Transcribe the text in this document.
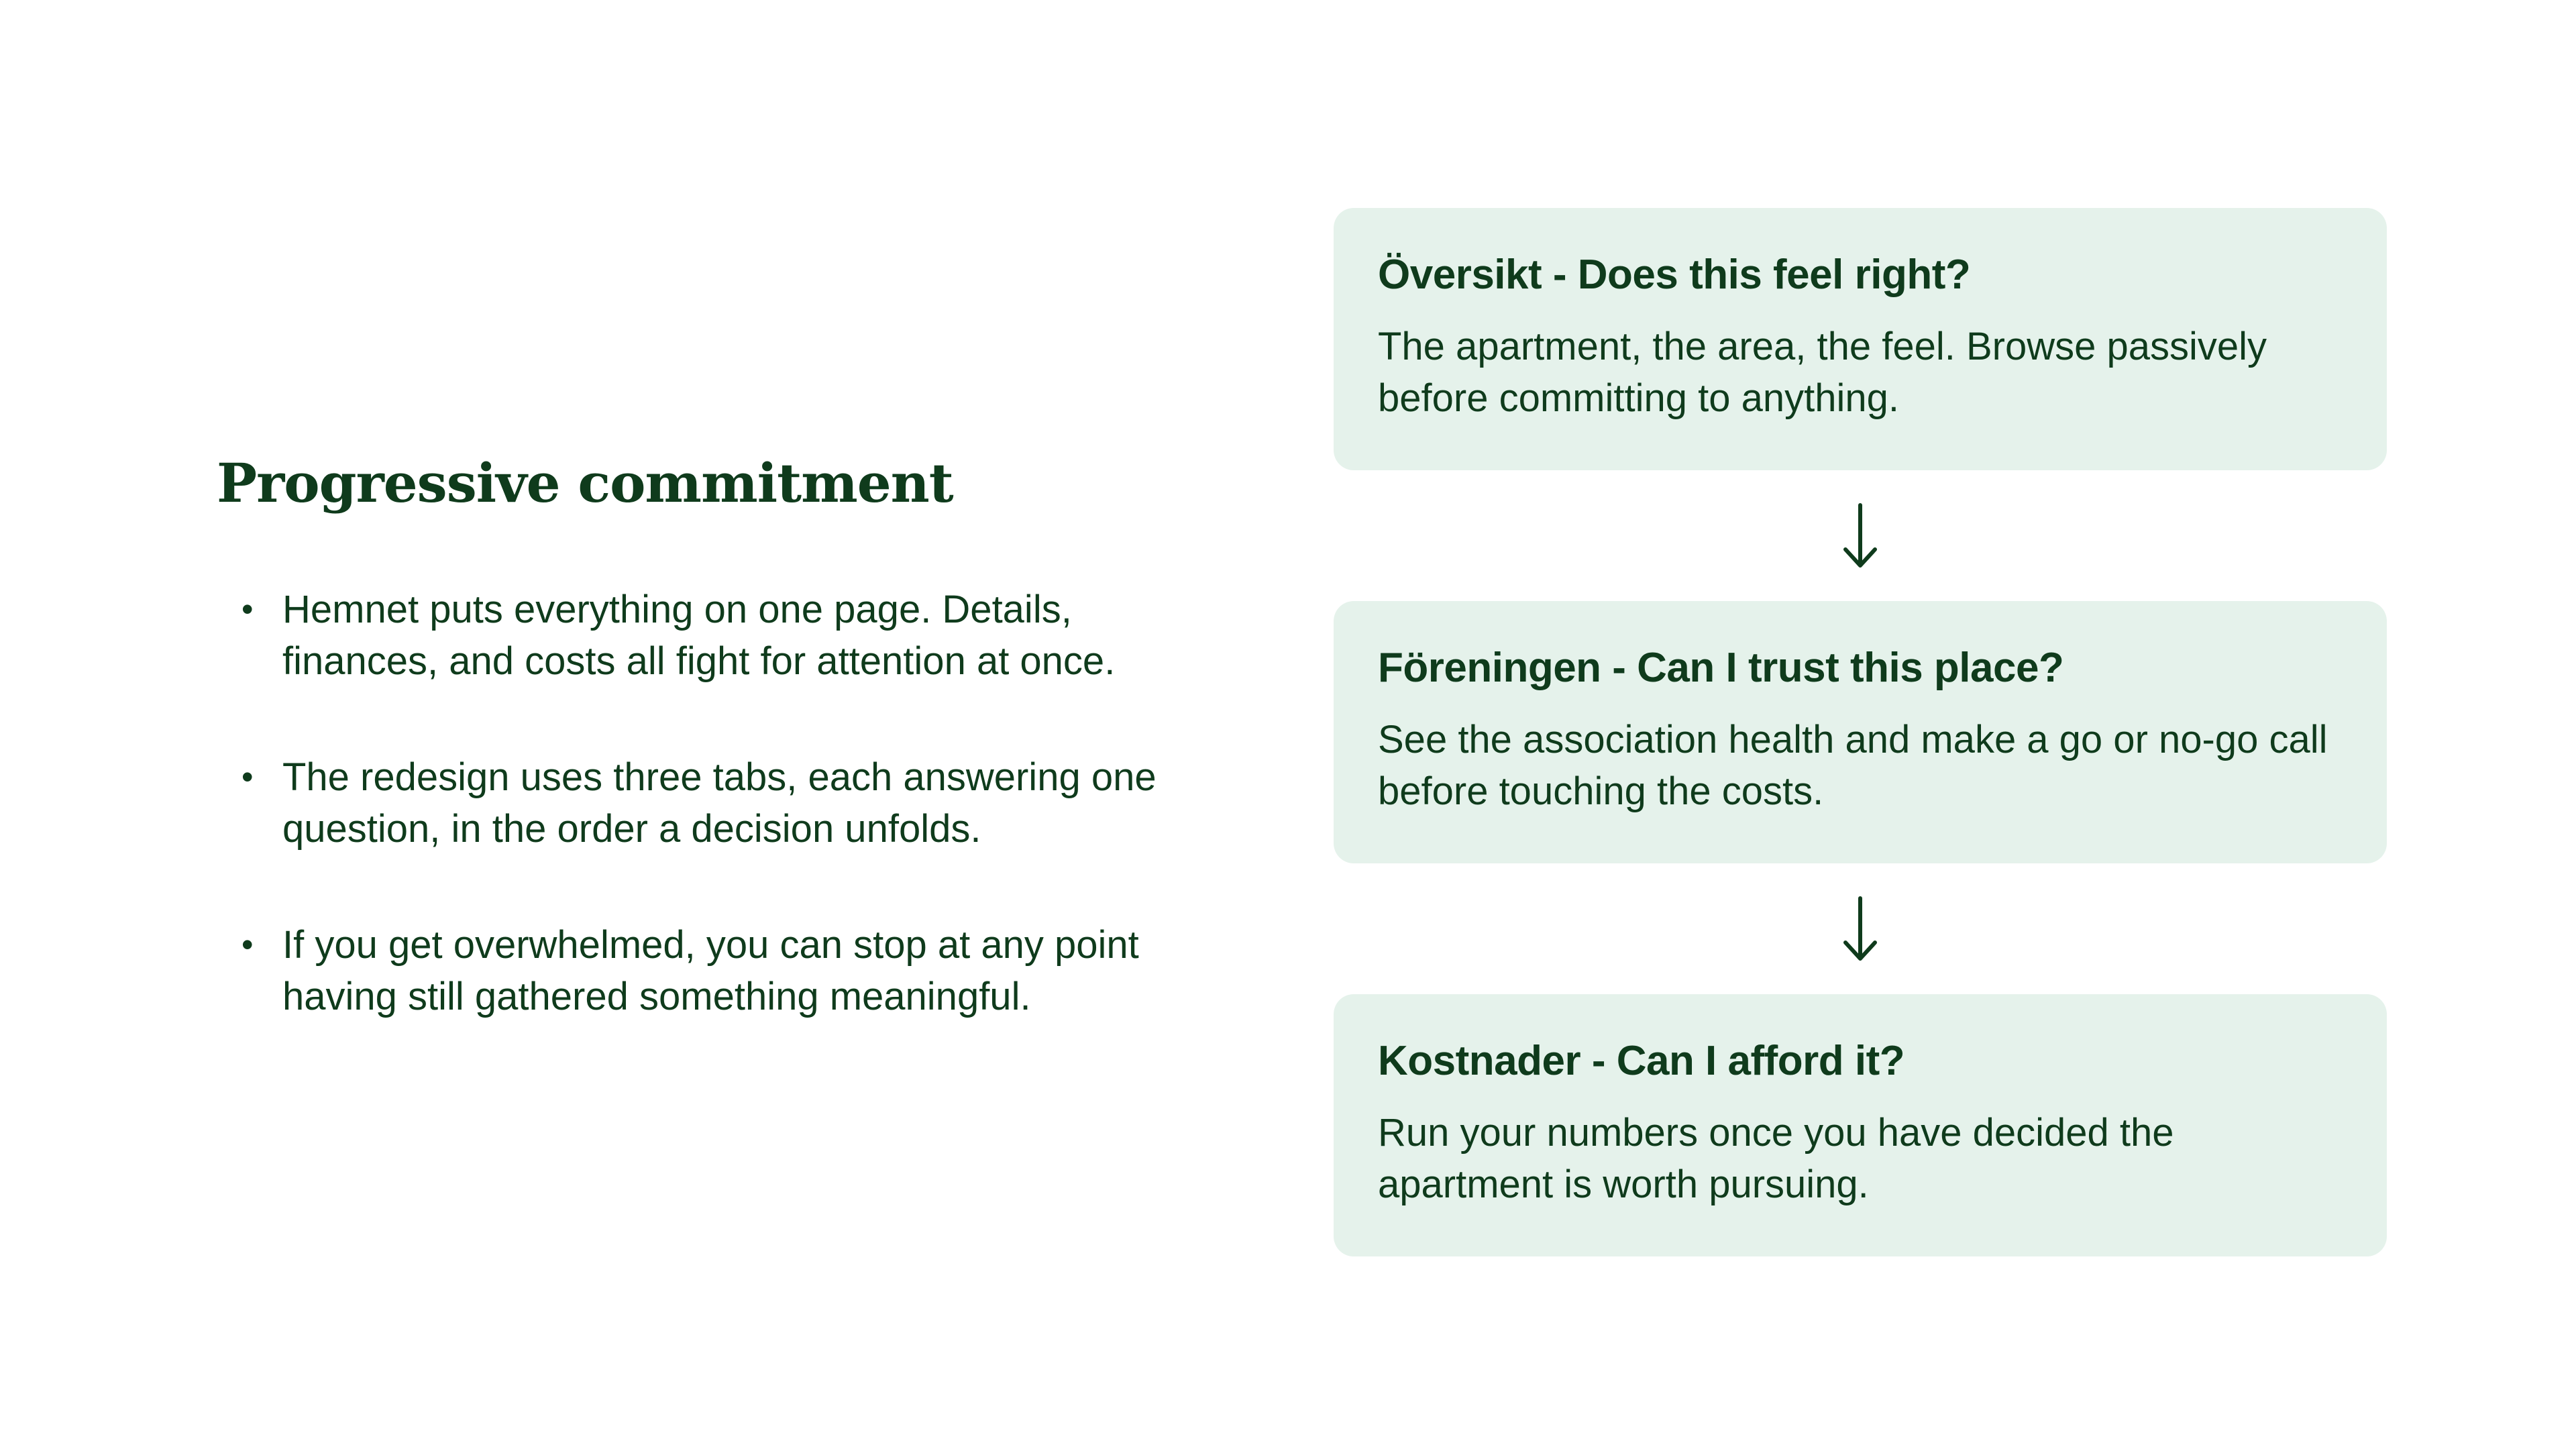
Progressive commitment
• Hemnet puts everything on one page. Details, finances, and costs all fight for attention at once.
• The redesign uses three tabs, each answering one question, in the order a decision unfolds.
• If you get overwhelmed, you can stop at any point having still gathered something meaningful.

Översikt - Does this feel right?

The apartment, the area, the feel. Browse passively before committing to anything.

Föreningen - Can I trust this place?

See the association health and make a go or no-go call before touching the costs.

Kostnader - Can I afford it?

Run your numbers once you have decided the apartment is worth pursuing.
